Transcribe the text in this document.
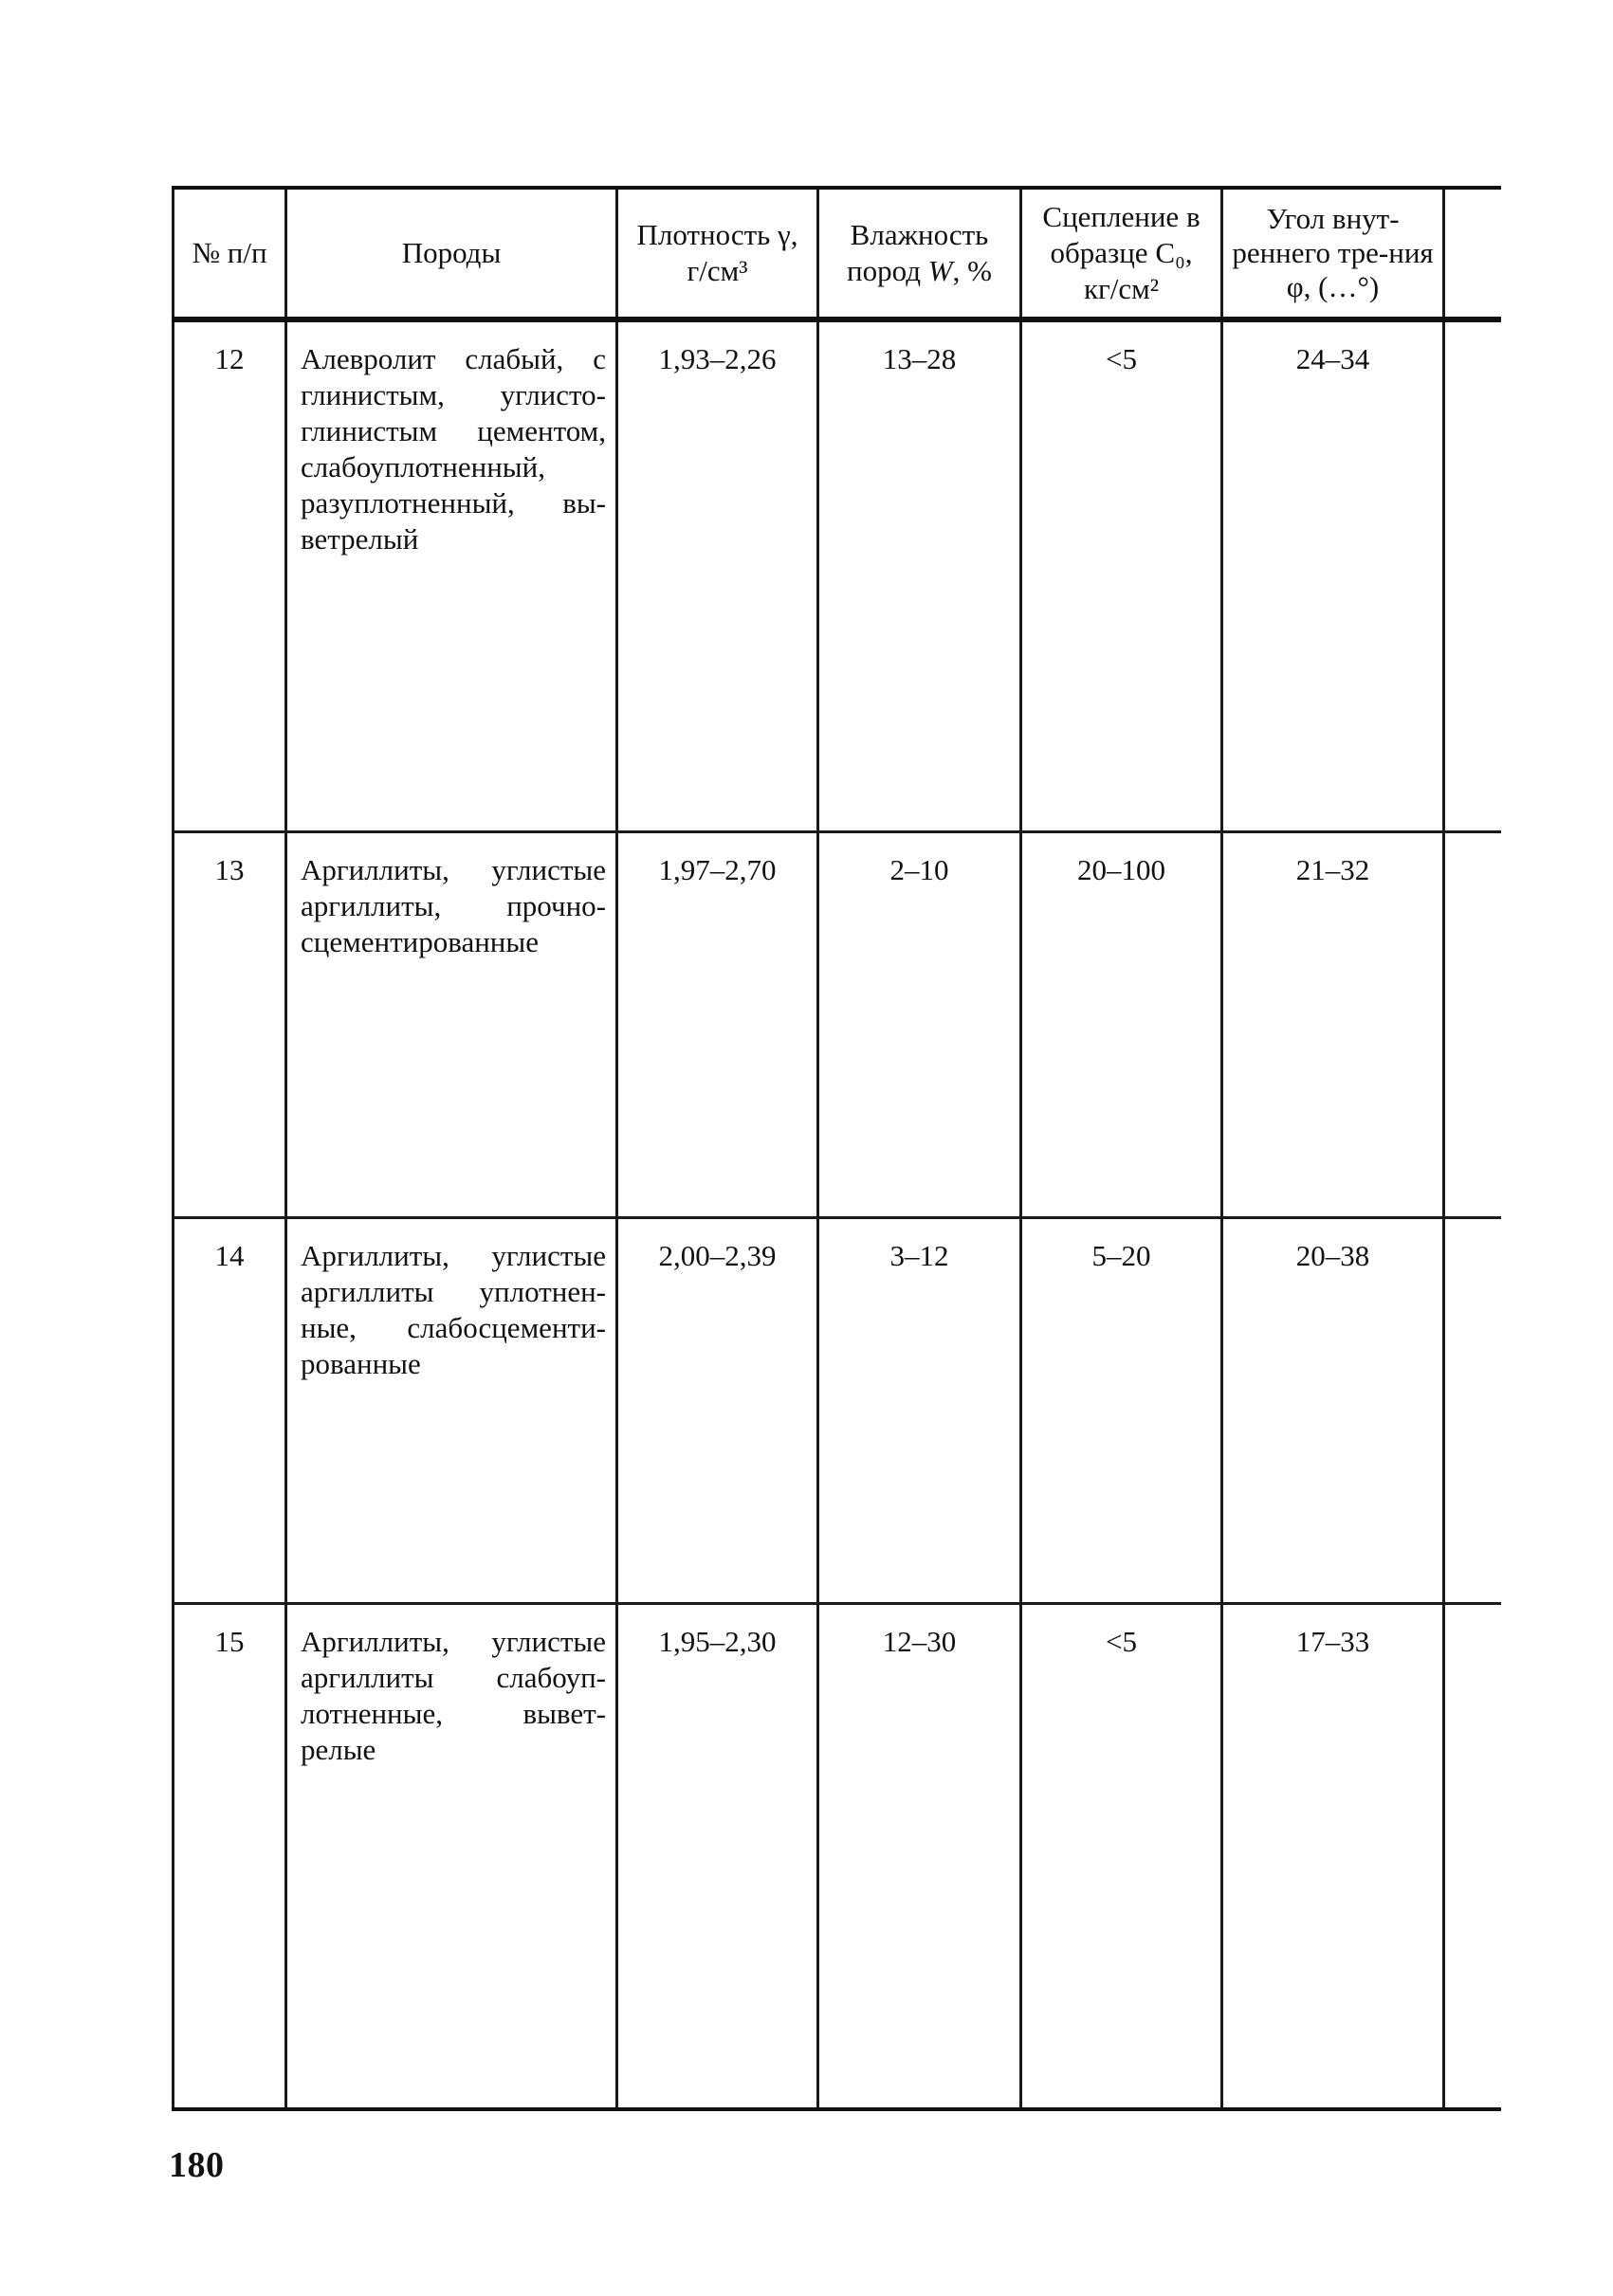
№ п/п	Породы	Плотность γ, г/см³	Влажность пород W, %	Сцепление в образце C₀, кг/см²	Угол внут-реннего тре-ния φ, (…°)	
12	Алевролит слабый, с глинистым, углисто-глинистым цементом, слабоуплотненный, разуплотненный, вы-ветрелый	1,93–2,26	13–28	<5	24–34	
13	Аргиллиты, углистые аргиллиты, прочно-сцементированные	1,97–2,70	2–10	20–100	21–32	
14	Аргиллиты, углистые аргиллиты уплотнен-ные, слабосцементи-рованные	2,00–2,39	3–12	5–20	20–38	
15	Аргиллиты, углистые аргиллиты слабоуп-лотненные, вывет-релые	1,95–2,30	12–30	<5	17–33	
180
